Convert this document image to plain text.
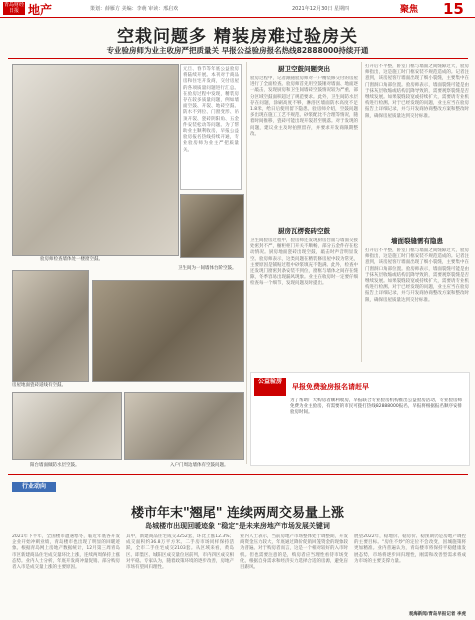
青岛财经日报 地产	策划：薛雁方 美编：李萌 审读：邢启欢	2021年12月30日 星期四	聚焦 15
空栽问题多 精装房难过验房关
专业验房师为业主收房严把质量关 早报公益验房报名热线82888000持续开通
元旦、春节等年底公益验房将陆续开展。本刊对于商品房和住宅开发商，交付房屋的各项质量问题进行汇总。在验房过程中发现，精装房存在较多质量问题，例如墙面空鼓、开裂、地砖空鼓、防水不到位、门窗变形、吊顶开裂、瓷砖阴阳角、五金件安装松动等问题。为了帮助业主顺利收房，早报公益验房报名热线持续开通，专业验房师为业主严把质量关。
验房师检查墙体处一楼窗空鼓。
卫生间为一间墙体台阶空鼓。
房屋地面瓷砖道线有空鼓。
阳台墙面做防水层空鼓。	入户门周边墙体有空鼓问题。
厨卫空鼓问题突出
验房过程中，记者跟随验房师对一户精装修交付的房屋进行了全面检查。验房师首先用空鼓锤对墙面、地面逐一敲击，发现厨房和卫生间墙砖空鼓情况较为严重，部分区域空鼓面积超过了规范要求。此外，卫生间防水层存在问题，涂刷高度不够，淋浴区墙面防水高度不足1.8米，给日后使用留下隐患。验房师介绍，空鼓问题多出现在施工工艺不规范、砂浆配比不合理等情况，随着时间推移，瓷砖可能出现开裂甚至脱落。对于发现的问题，建议业主及时拍照留存，并要求开发商限期整改。
厨房瓦楞瓷砖空鼓
卫生间验房过程中，验房师还发现厨房台面与墙面交接处密封不严，橱柜柜门开关不顺畅，部分五金件存在松动情况。厨房地面瓷砖出现空鼓，敲击时声音明显发空。验房师表示，这类问题在精装修房屋中较为常见，主要原因是铺贴过程中砂浆填充不饱满。此外，检查中还发现门窗密封条安装不到位，窗框与墙体之间存在缝隙，冬季容易出现漏风现象。业主在收房时一定要仔细检查每一个细节，发现问题及时提出。
打开后不平整，卧室门框与墙面之间缝隙过大，验房师指出，这是施工时门框安装不规范造成的。记者注意到，该房屋客厅墙面出现了细小裂缝，主要集中在门窗洞口角部位置。验房师表示，墙面裂缝可能是由于抹灰层收缩或结构沉降导致的，需要观察裂缝是否继续发展。如果裂缝较宽或持续扩大，需要请专业机构进行检测。对于已经发现的问题，业主应当在验房报告上详细记录，并与开发商协商整改方案和整改时限，确保房屋质量达到交付标准。
墙面裂缝需有隐患
打开后不平整，卧室门框与墙面之间缝隙过大，验房师指出，这是施工时门框安装不规范造成的。记者注意到，该房屋客厅墙面出现了细小裂缝，主要集中在门窗洞口角部位置。验房师表示，墙面裂缝可能是由于抹灰层收缩或结构沉降导致的，需要观察裂缝是否继续发展。如果裂缝较宽或持续扩大，需要请专业机构进行检测。对于已经发现的问题，业主应当在验房报告上详细记录，并与开发商协商整改方案和整改时限，确保房屋质量达到交付标准。
公益验房
早报免费验房报名请赶早
为了帮助广大购房者顺利收房，早报联合专业验房机构推出公益验房活动，专业验房师免费为业主验房，有需要的市民可拨打热线82888000报名，早报将根据报名顺序安排验房时间。
行业动向
楼市年末"翘尾" 连续两周交易量上涨
岛城楼市出现回暖迹象 "稳定"是未来房地产市场发展关键词
2021年下半年，全国楼市遭遇寒冬，临近年底各开发企业开始冲刺业绩，青岛楼市也出现了明显的回暖迹象。根据青岛网上房地产数据统计，12月第三周青岛市区新建商品住宅成交量环比上涨，连续两周保持上涨态势。业内人士分析，年底开发商冲量促销、部分购房者入市是成交量上涨的主要原因。
其中，新建商品住宅成交3252套，环比上涨12.3%；成交面积约36.8万平方米。二手房市场同样保持活跃，全市二手住宅成交2103套。从区域来看，黄岛区、即墨区、城阳区成交量位居前列，市内四区成交相对平稳。专家认为，随着政策环境的逐步改善，房地产市场有望回归理性。
业内人士表示，当前房地产市场整体处于调整期，开发商资金压力较大，年底通过降价促销回笼资金的现象较为普遍。对于购房者而言，这是一个相对较好的入市时机。但也需要注意的是，购房者应当理性看待市场变化，根据自身需求和经济实力选择合适的房源，避免盲目跟风。
展望2022年，稳地价、稳房价、稳预期仍是房地产调控的主要目标。"房住不炒"的定位不会改变，因城施策将更加精准。业内普遍认为，青岛楼市将保持平稳健康发展态势，市场将逐步回归理性，刚需和改善型需求将成为市场的主要支撑力量。
观海新闻/青岛早报记者 李虎
